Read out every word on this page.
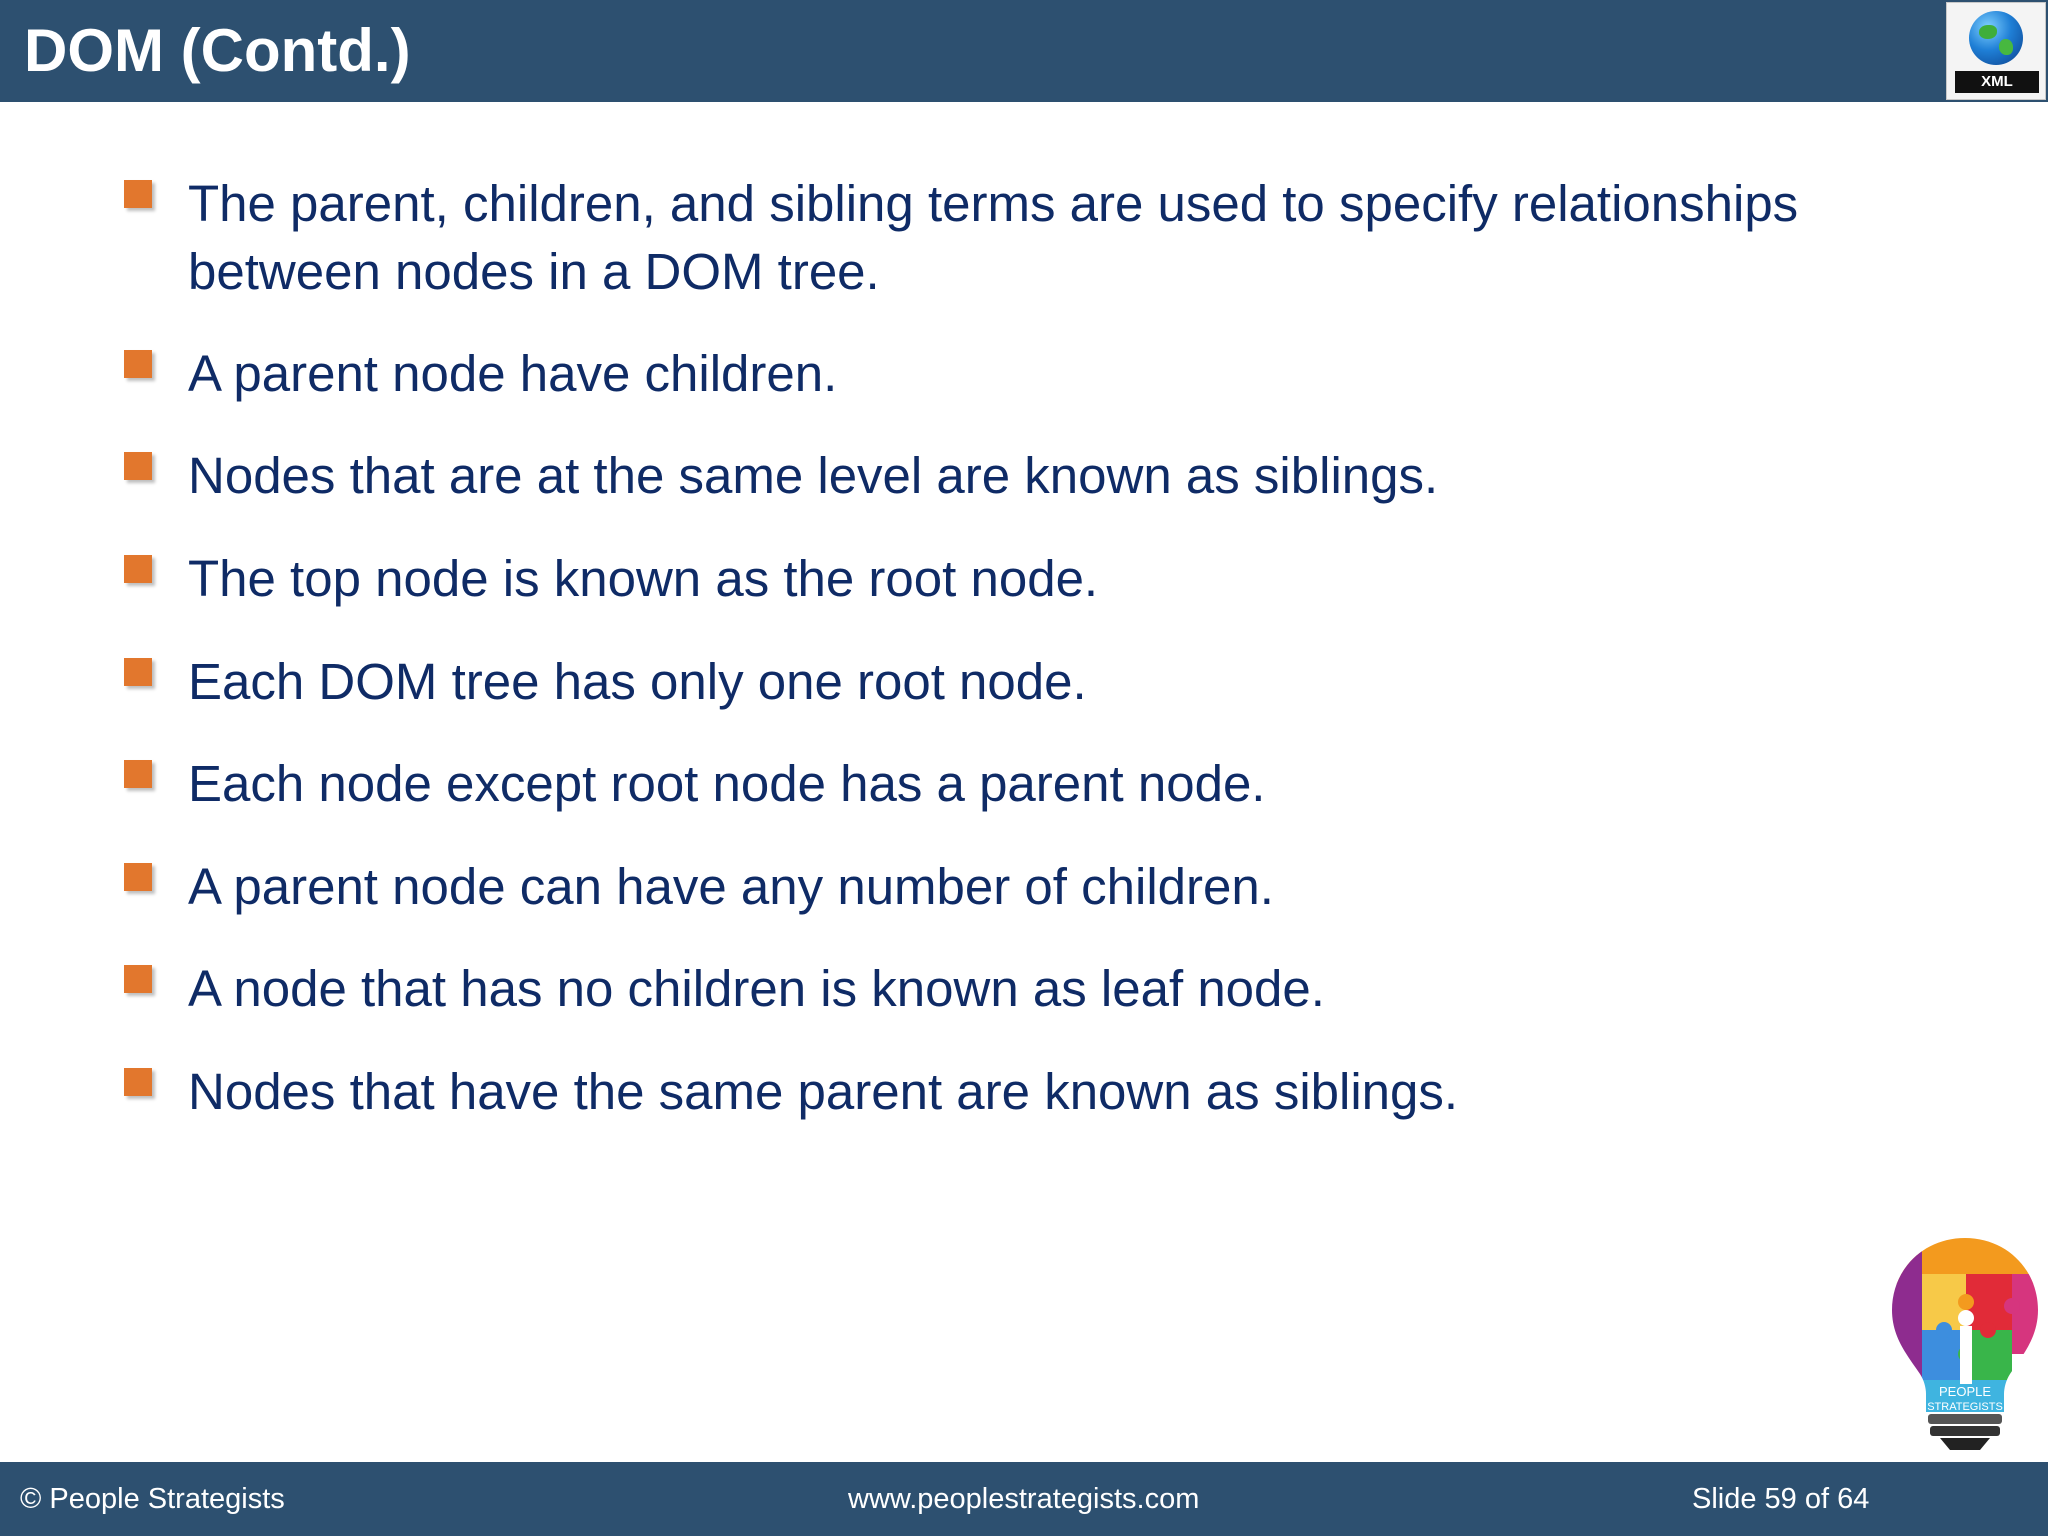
DOM (Contd.)	XML
The parent, children, and sibling terms are used to specify relationships between nodes in a DOM tree.
A parent node have children.
Nodes that are at the same level are known as siblings.
The top node is known as the root node.
Each DOM tree has only one root node.
Each node except root node has a parent node.
A parent node can have any number of children.
A node that has no children is known as leaf node.
Nodes that have the same parent are known as siblings.
PEOPLE
STRATEGISTS
© People Strategists	www.peoplestrategists.com	Slide 59 of 64
